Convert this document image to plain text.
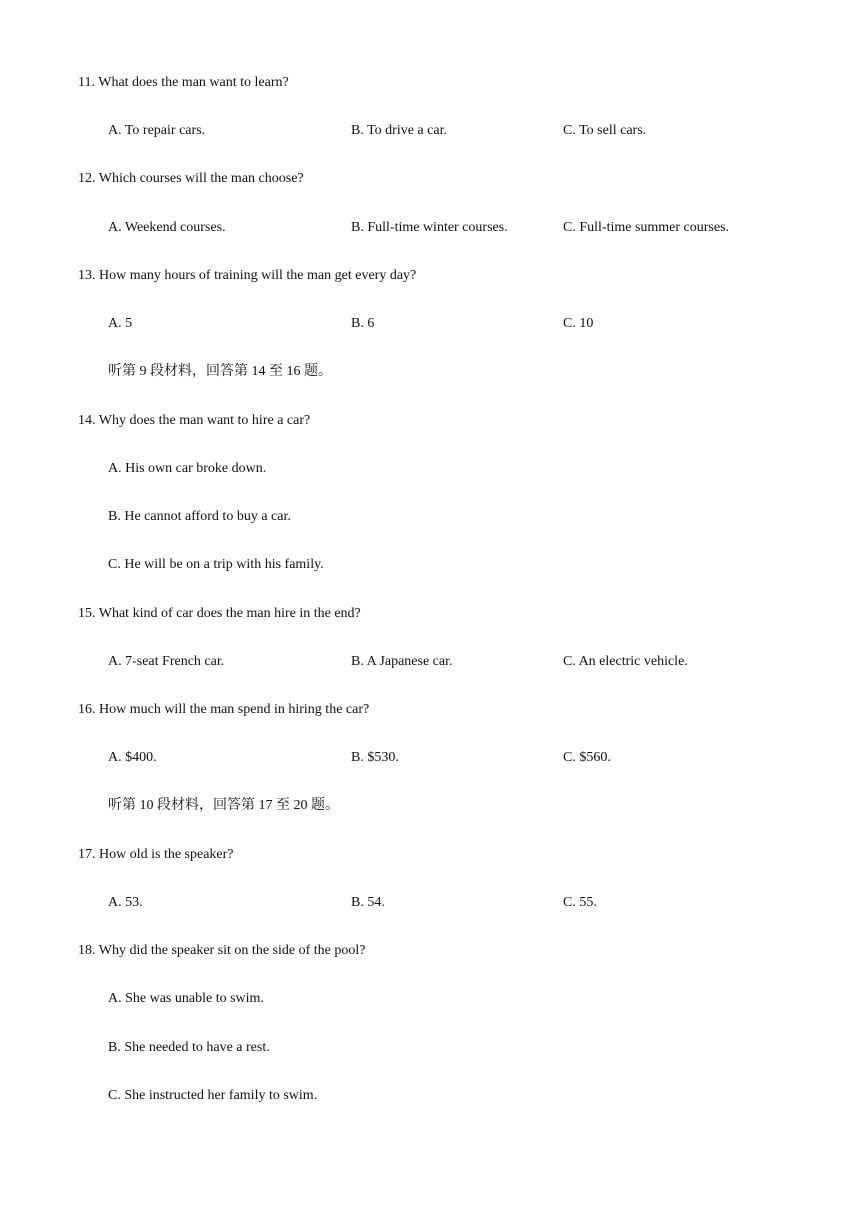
11. What does the man want to learn?
A. To repair cars.	B. To drive a car.	C. To sell cars.
12. Which courses will the man choose?
A. Weekend courses.	B. Full-time winter courses.	C. Full-time summer courses.
13. How many hours of training will the man get every day?
A. 5	B. 6	C. 10
听第 9 段材料，回答第 14 至 16 题。
14. Why does the man want to hire a car?
A. His own car broke down.
B. He cannot afford to buy a car.
C. He will be on a trip with his family.
15. What kind of car does the man hire in the end?
A. 7-seat French car.	B. A Japanese car.	C. An electric vehicle.
16. How much will the man spend in hiring the car?
A. $400.	B. $530.	C. $560.
听第 10 段材料，回答第 17 至 20 题。
17. How old is the speaker?
A. 53.	B. 54.	C. 55.
18. Why did the speaker sit on the side of the pool?
A. She was unable to swim.
B. She needed to have a rest.
C. She instructed her family to swim.
